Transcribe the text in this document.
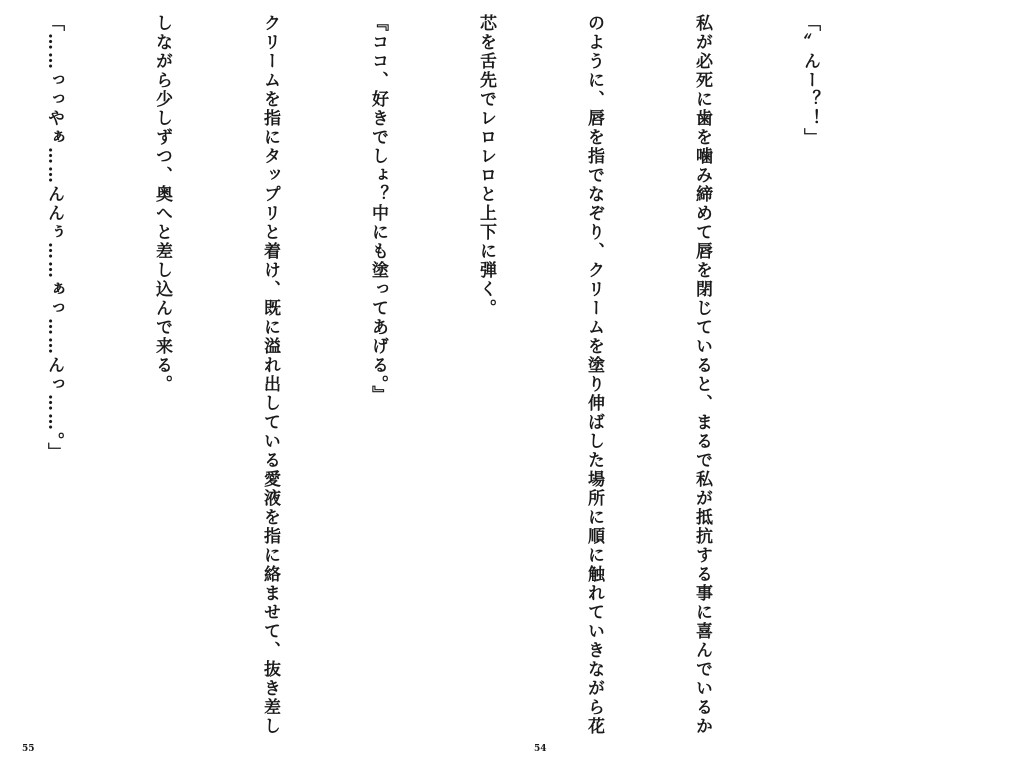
「〟んー？！」

私が必死に歯を噛み締めて唇を閉じていると、まるで私が抵抗する事に喜んでいるか

のように、唇を指でなぞり、クリームを塗り伸ばした場所に順に触れていきながら花

芯を舌先でレロレロと上下に弾く。

『ココ、好きでしょ？中にも塗ってあげる。』

クリームを指にタップリと着け、既に溢れ出している愛液を指に絡ませて、抜き差し

しながら少しずつ、奥へと差し込んで来る。

「……っっやぁ……んんぅ……ぁっ……んっ……。」

55	54
